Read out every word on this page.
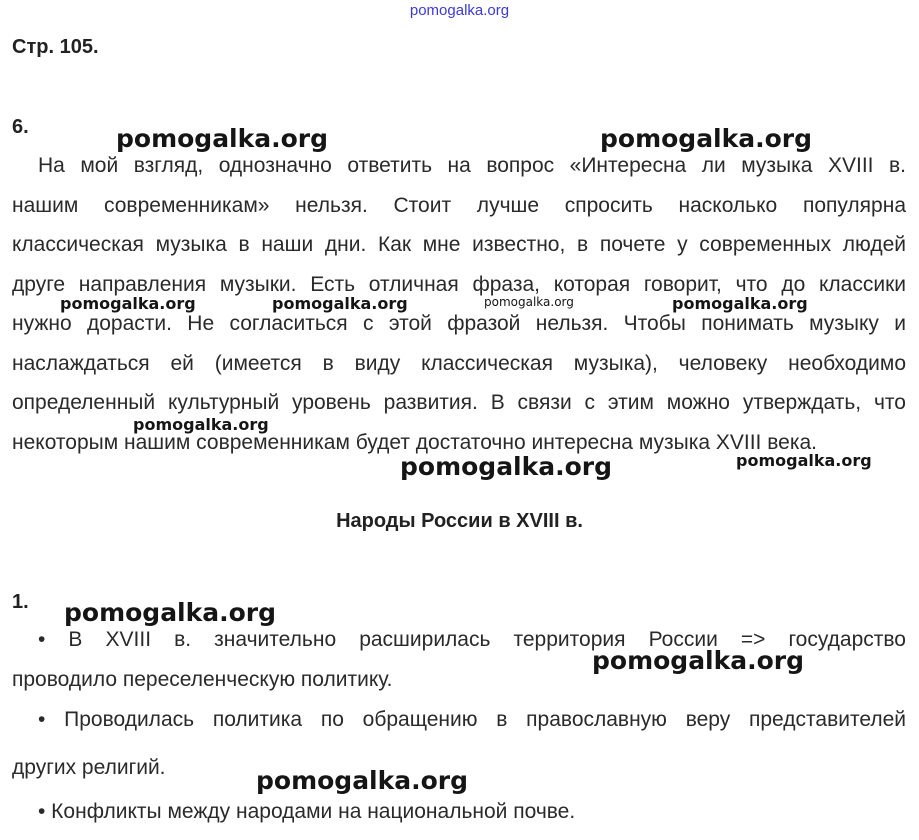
pomogalka.org
Стр. 105.
6.
На мой взгляд, однозначно ответить на вопрос «Интересна ли музыка XVIII в.
нашим современникам» нельзя. Стоит лучше спросить насколько популярна
классическая музыка в наши дни. Как мне известно, в почете у современных людей
друге направления музыки. Есть отличная фраза, которая говорит, что до классики
нужно дорасти. Не согласиться с этой фразой нельзя. Чтобы понимать музыку и
наслаждаться ей (имеется в виду классическая музыка), человеку необходимо
определенный культурный уровень развития. В связи с этим можно утверждать, что
некоторым нашим современникам будет достаточно интересна музыка XVIII века.
Народы России в XVIII в.
1.
• В XVIII в. значительно расширилась территория России => государство
проводило переселенческую политику.
• Проводилась политика по обращению в православную веру представителей
других религий.
• Конфликты между народами на национальной почве.
pomogalka.org	pomogalka.org
pomogalka.org	pomogalka.org	pomogalka.org	pomogalka.org
pomogalka.org
pomogalka.org	pomogalka.org
pomogalka.org
pomogalka.org
pomogalka.org
